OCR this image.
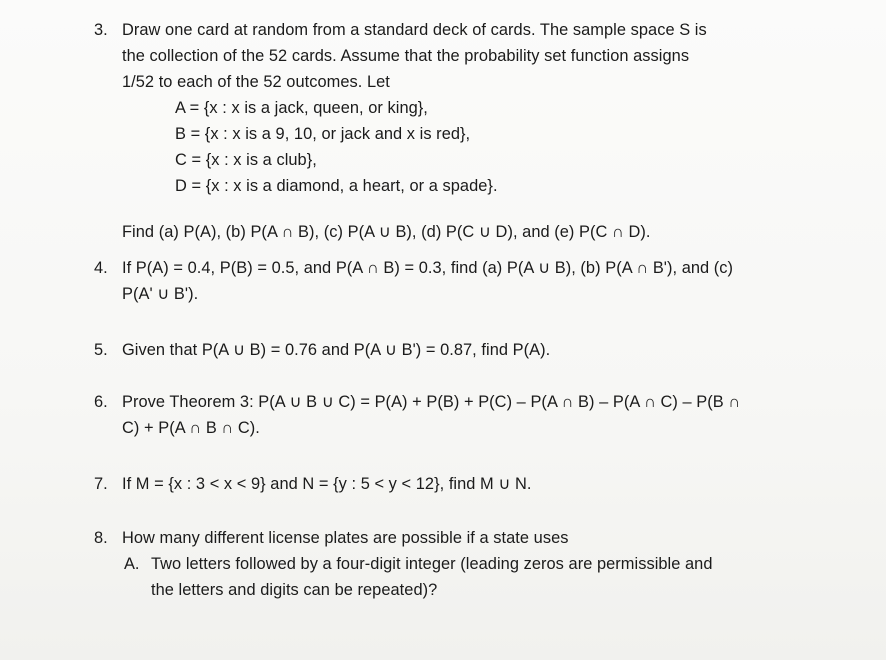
3. Draw one card at random from a standard deck of cards. The sample space S is
the collection of the 52 cards. Assume that the probability set function assigns
1/52 to each of the 52 outcomes. Let
A = {x : x is a jack, queen, or king},
B = {x : x is a 9, 10, or jack and x is red},
C = {x : x is a club},
D = {x : x is a diamond, a heart, or a spade}.
Find (a) P(A), (b) P(A ∩ B), (c) P(A ∪ B), (d) P(C ∪ D), and (e) P(C ∩ D).
4. If P(A) = 0.4, P(B) = 0.5, and P(A ∩ B) = 0.3, find (a) P(A ∪ B), (b) P(A ∩ B'), and (c)
P(A' ∪ B').
5. Given that P(A ∪ B) = 0.76 and P(A ∪ B') = 0.87, find P(A).
6. Prove Theorem 3: P(A ∪ B ∪ C) = P(A) + P(B) + P(C) – P(A ∩ B) – P(A ∩ C) – P(B ∩
C) + P(A ∩ B ∩ C).
7. If M = {x : 3 < x < 9} and N = {y : 5 < y < 12}, find M ∪ N.
8. How many different license plates are possible if a state uses
A. Two letters followed by a four-digit integer (leading zeros are permissible and
the letters and digits can be repeated)?
